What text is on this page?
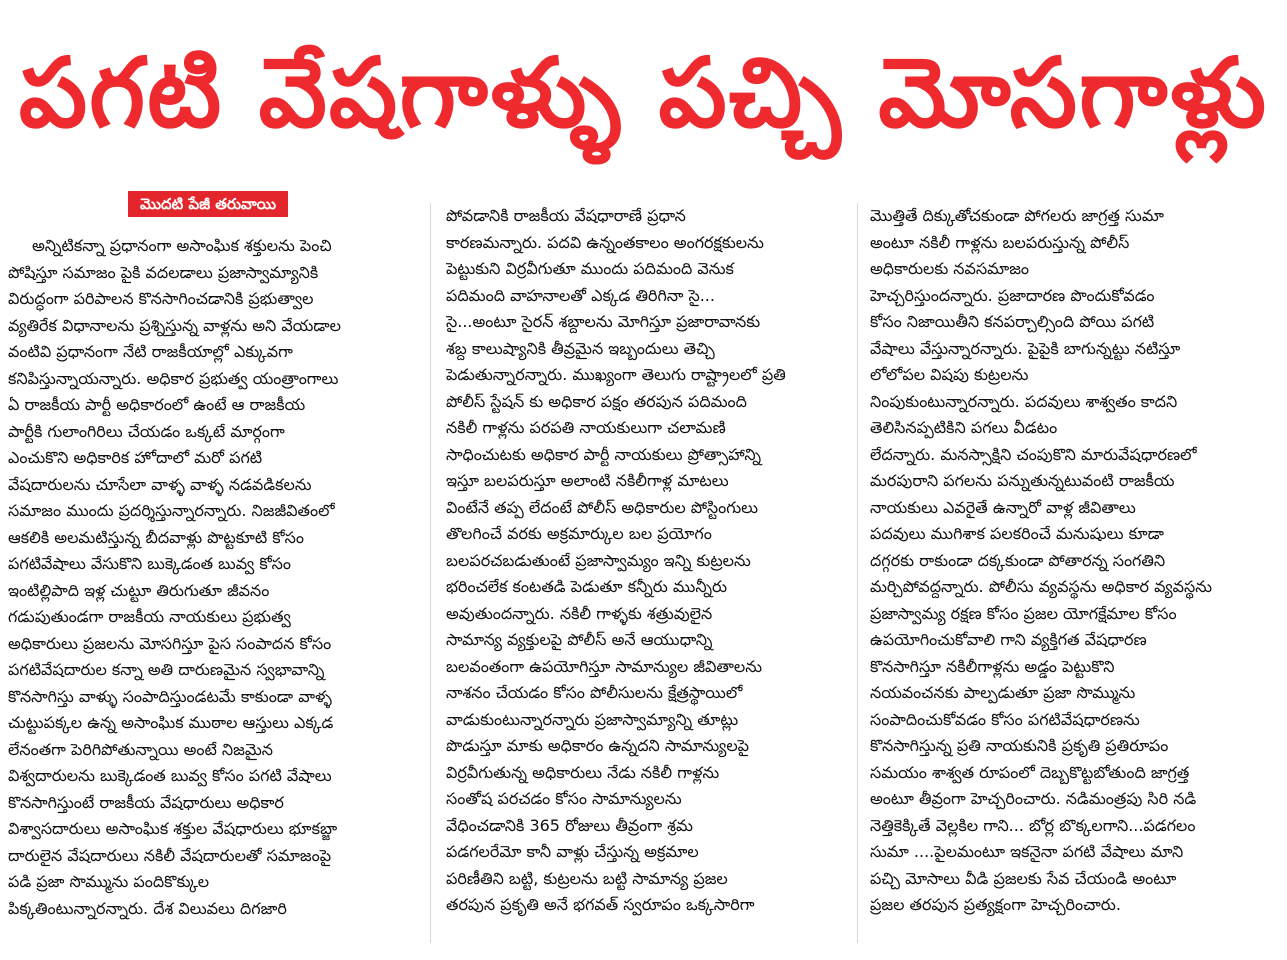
పగటి వేషగాళ్ళు పచ్చి మోసగాళ్లు
మొదటి పేజీ తరువాయి
అన్నిటికన్నా ప్రధానంగా అసాంఘిక శక్తులను పెంచి
పోషిస్తూ సమాజం పైకి వదలడాలు ప్రజాస్వామ్యానికి
విరుద్ధంగా పరిపాలన కొనసాగించడానికి ప్రభుత్వాల
వ్యతిరేక విధానాలను ప్రశ్నిస్తున్న వాళ్లను అని వేయడాల
వంటివి ప్రధానంగా నేటి రాజకీయాల్లో ఎక్కువగా
కనిపిస్తున్నాయన్నారు. అధికార ప్రభుత్వ యంత్రాంగాలు
ఏ రాజకీయ పార్టీ అధికారంలో ఉంటే ఆ రాజకీయ
పార్టీకి గులాంగిరిలు చేయడం ఒక్కటే మార్గంగా
ఎంచుకొని అధికారిక హోదాలో మరో పగటి
వేషదారులను చూసేలా వాళ్ళ వాళ్ళ నడవడికలను
సమాజం ముందు ప్రదర్శిస్తున్నారన్నారు. నిజజీవితంలో
ఆకలికి అలమటిస్తున్న బీదవాళ్లు పొట్టకూటి కోసం
పగటివేషాలు వేసుకొని బుక్కెడంత బువ్వ కోసం
ఇంటిల్లిపాది ఇళ్ల చుట్టూ తిరుగుతూ జీవనం
గడుపుతుండగా రాజకీయ నాయకులు ప్రభుత్వ
అధికారులు ప్రజలను మోసగిస్తూ పైస సంపాదన కోసం
పగటివేషదారుల కన్నా అతి దారుణమైన స్వభావాన్ని
కొనసాగిస్తు వాళ్ళు సంపాదిస్తుండటమే కాకుండా వాళ్ళ
చుట్టుపక్కల ఉన్న అసాంఘిక ముఠాల ఆస్తులు ఎక్కడ
లేనంతగా పెరిగిపోతున్నాయి అంటే నిజమైన
విశ్వదారులను బుక్కెడంత బువ్వ కోసం పగటి వేషాలు
కొనసాగిస్తుంటే రాజకీయ వేషధారులు అధికార
విశ్వాసదారులు అసాంఘిక శక్తుల వేషధారులు భూకబ్జా
దారులైన వేషదారులు నకిలీ వేషదారులతో సమాజంపై
పడి ప్రజా సొమ్మును పందికొక్కుల
పిక్కతింటున్నారన్నారు. దేశ విలువలు దిగజారి
పోవడానికి రాజకీయ వేషధారాణే ప్రధాన
కారణమన్నారు. పదవి ఉన్నంతకాలం అంగరక్షకులను
పెట్టుకుని విర్రవీగుతూ ముందు పదిమంది వెనుక
పదిమంది వాహనాలతో ఎక్కడ తిరిగినా సై...
సై...అంటూ సైరన్ శబ్దాలను మోగిస్తూ ప్రజారావానకు
శబ్ద కాలుష్యానికి తీవ్రమైన ఇబ్బందులు తెచ్చి
పెడుతున్నారన్నారు. ముఖ్యంగా తెలుగు రాష్ట్రాలలో ప్రతి
పోలీస్ స్టేషన్ కు అధికార పక్షం తరపున పదిమంది
నకిలీ గాళ్లను పరపతి నాయకులుగా చలామణి
సాధించుటకు అధికార పార్టీ నాయకులు ప్రోత్సాహాన్ని
ఇస్తూ బలపరుస్తూ అలాంటి నకిలీగాళ్ల మాటలు
వింటేనే తప్ప లేదంటే పోలీస్ అధికారుల పోస్టింగులు
తొలగించే వరకు అక్రమార్కుల బల ప్రయోగం
బలపరచబడుతుంటే ప్రజాస్వామ్యం ఇన్ని కుట్రలను
భరించలేక కంటతడి పెడుతూ కన్నీరు మున్నీరు
అవుతుందన్నారు. నకిలీ గాళ్ళకు శత్రువులైన
సామాన్య వ్యక్తులపై పోలీస్ అనే ఆయుధాన్ని
బలవంతంగా ఉపయోగిస్తూ సామాన్యుల జీవితాలను
నాశనం చేయడం కోసం పోలీసులను క్షేత్రస్థాయిలో
వాడుకుంటున్నారన్నారు ప్రజాస్వామ్యాన్ని తూట్లు
పొడుస్తూ మాకు అధికారం ఉన్నదని సామాన్యులపై
విర్రవీగుతున్న అధికారులు నేడు నకిలీ గాళ్లను
సంతోష పరచడం కోసం సామాన్యులను
వేధించడానికి 365 రోజులు తీవ్రంగా శ్రమ
పడగలరేమో కానీ వాళ్లు చేస్తున్న అక్రమాల
పరిణీతిని బట్టి, కుట్రలను బట్టి సామాన్య ప్రజల
తరపున ప్రకృతి అనే భగవత్ స్వరూపం ఒక్కసారిగా
మొత్తితే దిక్కుతోచకుండా పోగలరు జాగ్రత్త సుమా
అంటూ నకిలీ గాళ్లను బలపరుస్తున్న పోలీస్
అధికారులకు నవసమాజం
హెచ్చరిస్తుందన్నారు. ప్రజాదారణ పొందుకోవడం
కోసం నిజాయితీని కనపర్చాల్సింది పోయి పగటి
వేషాలు వేస్తున్నారన్నారు. పైపైకి బాగున్నట్టు నటిస్తూ
లోలోపల విషపు కుట్రలను
నింపుకుంటున్నారన్నారు. పదవులు శాశ్వతం కాదని
తెలిసినప్పటికిని పగలు వీడటం
లేదన్నారు. మనస్సాక్షిని చంపుకొని మారువేషధారణలో
మరపురాని పగలను పన్నుతున్నటువంటి రాజకీయ
నాయకులు ఎవరైతే ఉన్నారో వాళ్ల జీవితాలు
పదవులు ముగిశాక పలకరించే మనుషులు కూడా
దగ్గరకు రాకుండా దక్కకుండా పోతారన్న సంగతిని
మర్చిపోవద్దన్నారు. పోలీసు వ్యవస్థను అధికార వ్యవస్థను
ప్రజాస్వామ్య రక్షణ కోసం ప్రజల యోగక్షేమాల కోసం
ఉపయోగించుకోవాలి గాని వ్యక్తిగత వేషధారణ
కొనసాగిస్తూ నకిలీగాళ్లను అడ్డం పెట్టుకొని
నయవంచనకు పాల్పడుతూ ప్రజా సొమ్మును
సంపాదించుకోవడం కోసం పగటివేషధారణను
కొనసాగిస్తున్న ప్రతి నాయకునికి ప్రకృతి ప్రతిరూపం
సమయం శాశ్వత రూపంలో దెబ్బకొట్టబోతుంది జాగ్రత్త
అంటూ తీవ్రంగా హెచ్చరించారు. నడిమంత్రపు సిరి నడి
నెత్తికెక్కితే వెల్లకిల గాని... బోర్ల బొక్కలగాని...పడగలం
సుమా ....పైలమంటూ ఇకనైనా పగటి వేషాలు మాని
పచ్చి మోసాలు వీడి ప్రజలకు సేవ చేయండి అంటూ
ప్రజల తరపున ప్రత్యక్షంగా హెచ్చరించారు.
